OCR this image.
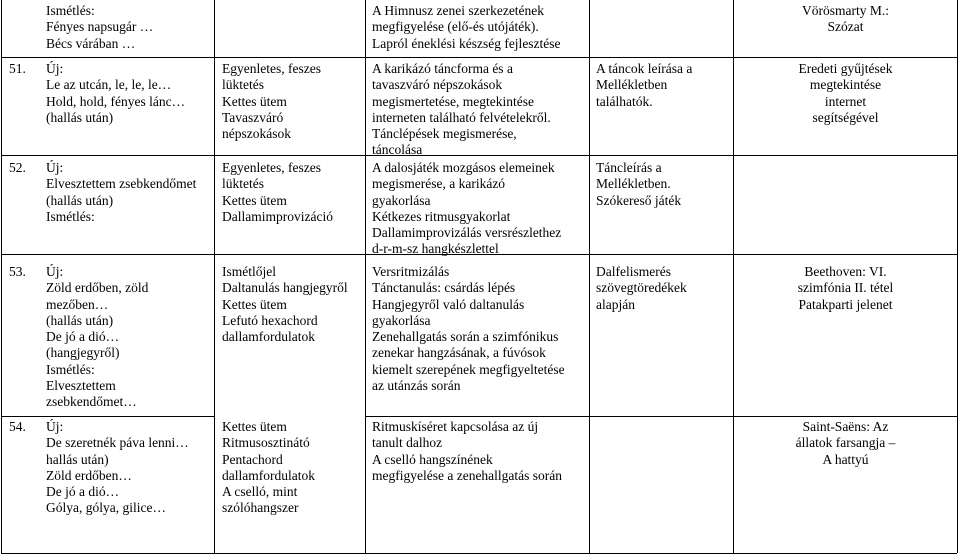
Ismétlés:
Fényes napsugár …
Bécs várában …
51. Új:
Le az utcán, le, le, le…
Hold, hold, fényes lánc…
(hallás után)
52. Új:
Elvesztettem zsebkendőmet
(hallás után)
Ismétlés:
53. Új:
Zöld erdőben, zöld
mezőben…
(hallás után)
De jó a dió…
(hangjegyről)
Ismétlés:
Elvesztettem
zsebkendőmet…
54. Új:
De szeretnék páva lenni…
hallás után)
Zöld erdőben…
De jó a dió…
Gólya, gólya, gilice…
Egyenletes, feszes
lüktetés
Kettes ütem
Tavaszváró
népszokások
Egyenletes, feszes
lüktetés
Kettes ütem
Dallamimprovizáció
Ismétlőjel
Daltanulás hangjegyről
Kettes ütem
Lefutó hexachord
dallamfordulatok
Kettes ütem
Ritmusosztinátó
Pentachord
dallamfordulatok
A cselló, mint
szólóhangszer
A Himnusz zenei szerkezetének
megfigyelése (elő-és utójáték).
Lapról éneklési készség fejlesztése
A karikázó táncforma és a
tavaszváró népszokások
megismertetése, megtekintése
interneten található felvételekről.
Tánclépések megismerése,
táncolása
A dalosjáték mozgásos elemeinek
megismerése, a karikázó
gyakorlása
Kétkezes ritmusgyakorlat
Dallamimprovizálás versrészlethez
d-r-m-sz hangkészlettel
Versritmizálás
Tánctanulás: csárdás lépés
Hangjegyről való daltanulás
gyakorlása
Zenehallgatás során a szimfónikus
zenekar hangzásának, a fúvósok
kiemelt szerepének megfigyeltetése
az utánzás során
Ritmuskíséret kapcsolása az új
tanult dalhoz
A cselló hangszínének
megfigyelése a zenehallgatás során
A táncok leírása a
Mellékletben
találhatók.
Táncleírás a
Mellékletben.
Szókereső játék
Dalfelismerés
szövegtöredékek
alapján
Vörösmarty M.:
Szózat
Eredeti gyűjtések
megtekintése
internet
segítségével
Beethoven: VI.
szimfónia II. tétel
Patakparti jelenet
Saint-Saëns: Az
állatok farsangja –
A hattyú
